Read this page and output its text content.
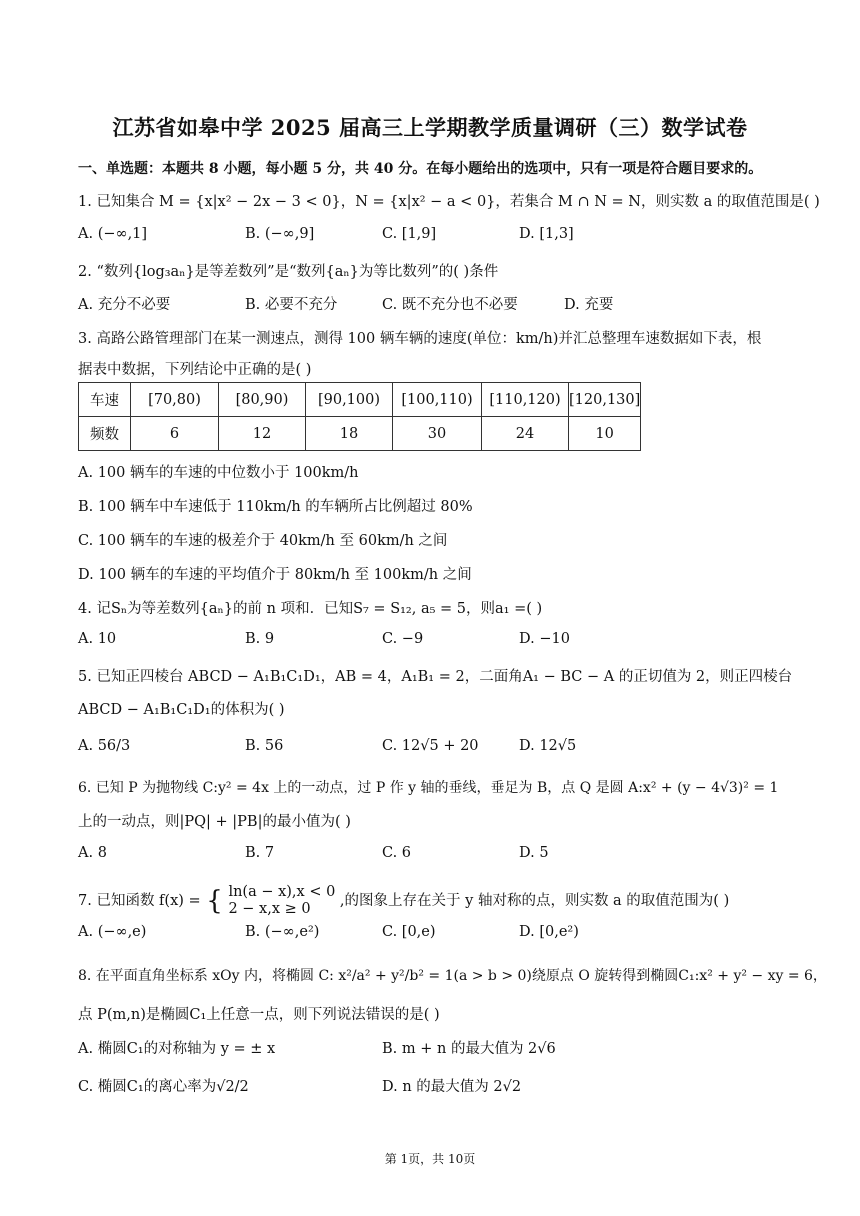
江苏省如皋中学 2025 届高三上学期教学质量调研（三）数学试卷
一、单选题：本题共 8 小题，每小题 5 分，共 40 分。在每小题给出的选项中，只有一项是符合题目要求的。
1. 已知集合 M = {x|x² − 2x − 3 < 0}，N = {x|x² − a < 0}，若集合 M ∩ N = N，则实数 a 的取值范围是( )
A. (−∞,1]	B. (−∞,9]	C. [1,9]	D. [1,3]
2. “数列{log₃aₙ}是等差数列”是“数列{aₙ}为等比数列”的( )条件
A. 充分不必要	B. 必要不充分	C. 既不充分也不必要	D. 充要
3. 高路公路管理部门在某一测速点，测得 100 辆车辆的速度(单位：km/h)并汇总整理车速数据如下表，根
据表中数据，下列结论中正确的是( )
车速	[70,80)	[80,90)	[90,100)	[100,110)	[110,120)	[120,130]
频数	6	12	18	30	24	10
A. 100 辆车的车速的中位数小于 100km/h
B. 100 辆车中车速低于 110km/h 的车辆所占比例超过 80%
C. 100 辆车的车速的极差介于 40km/h 至 60km/h 之间
D. 100 辆车的车速的平均值介于 80km/h 至 100km/h 之间
4. 记Sₙ为等差数列{aₙ}的前 n 项和．已知S₇ = S₁₂, a₅ = 5，则a₁ =( )
A. 10	B. 9	C. −9	D. −10
5. 已知正四棱台 ABCD − A₁B₁C₁D₁，AB = 4，A₁B₁ = 2，二面角A₁ − BC − A 的正切值为 2，则正四棱台
ABCD − A₁B₁C₁D₁的体积为( )
A. 56/3	B. 56	C. 12√5 + 20	D. 12√5
6. 已知 P 为抛物线 C:y² = 4x 上的一动点，过 P 作 y 轴的垂线，垂足为 B，点 Q 是圆 A:x² + (y − 4√3)² = 1
上的一动点，则|PQ| + |PB|的最小值为( )
A. 8	B. 7	C. 6	D. 5
7. 已知函数 f(x) = { ln(a − x),x < 0
2 − x,x ≥ 0	,的图象上存在关于 y 轴对称的点，则实数 a 的取值范围为( )
A. (−∞,e)	B. (−∞,e²)	C. [0,e)	D. [0,e²)
8. 在平面直角坐标系 xOy 内，将椭圆 C: x²/a² + y²/b² = 1(a > b > 0)绕原点 O 旋转得到椭圆C₁:x² + y² − xy = 6，
点 P(m,n)是椭圆C₁上任意一点，则下列说法错误的是( )
A. 椭圆C₁的对称轴为 y = ± x	B. m + n 的最大值为 2√6
C. 椭圆C₁的离心率为√2/2	D. n 的最大值为 2√2
第 1页，共 10页
